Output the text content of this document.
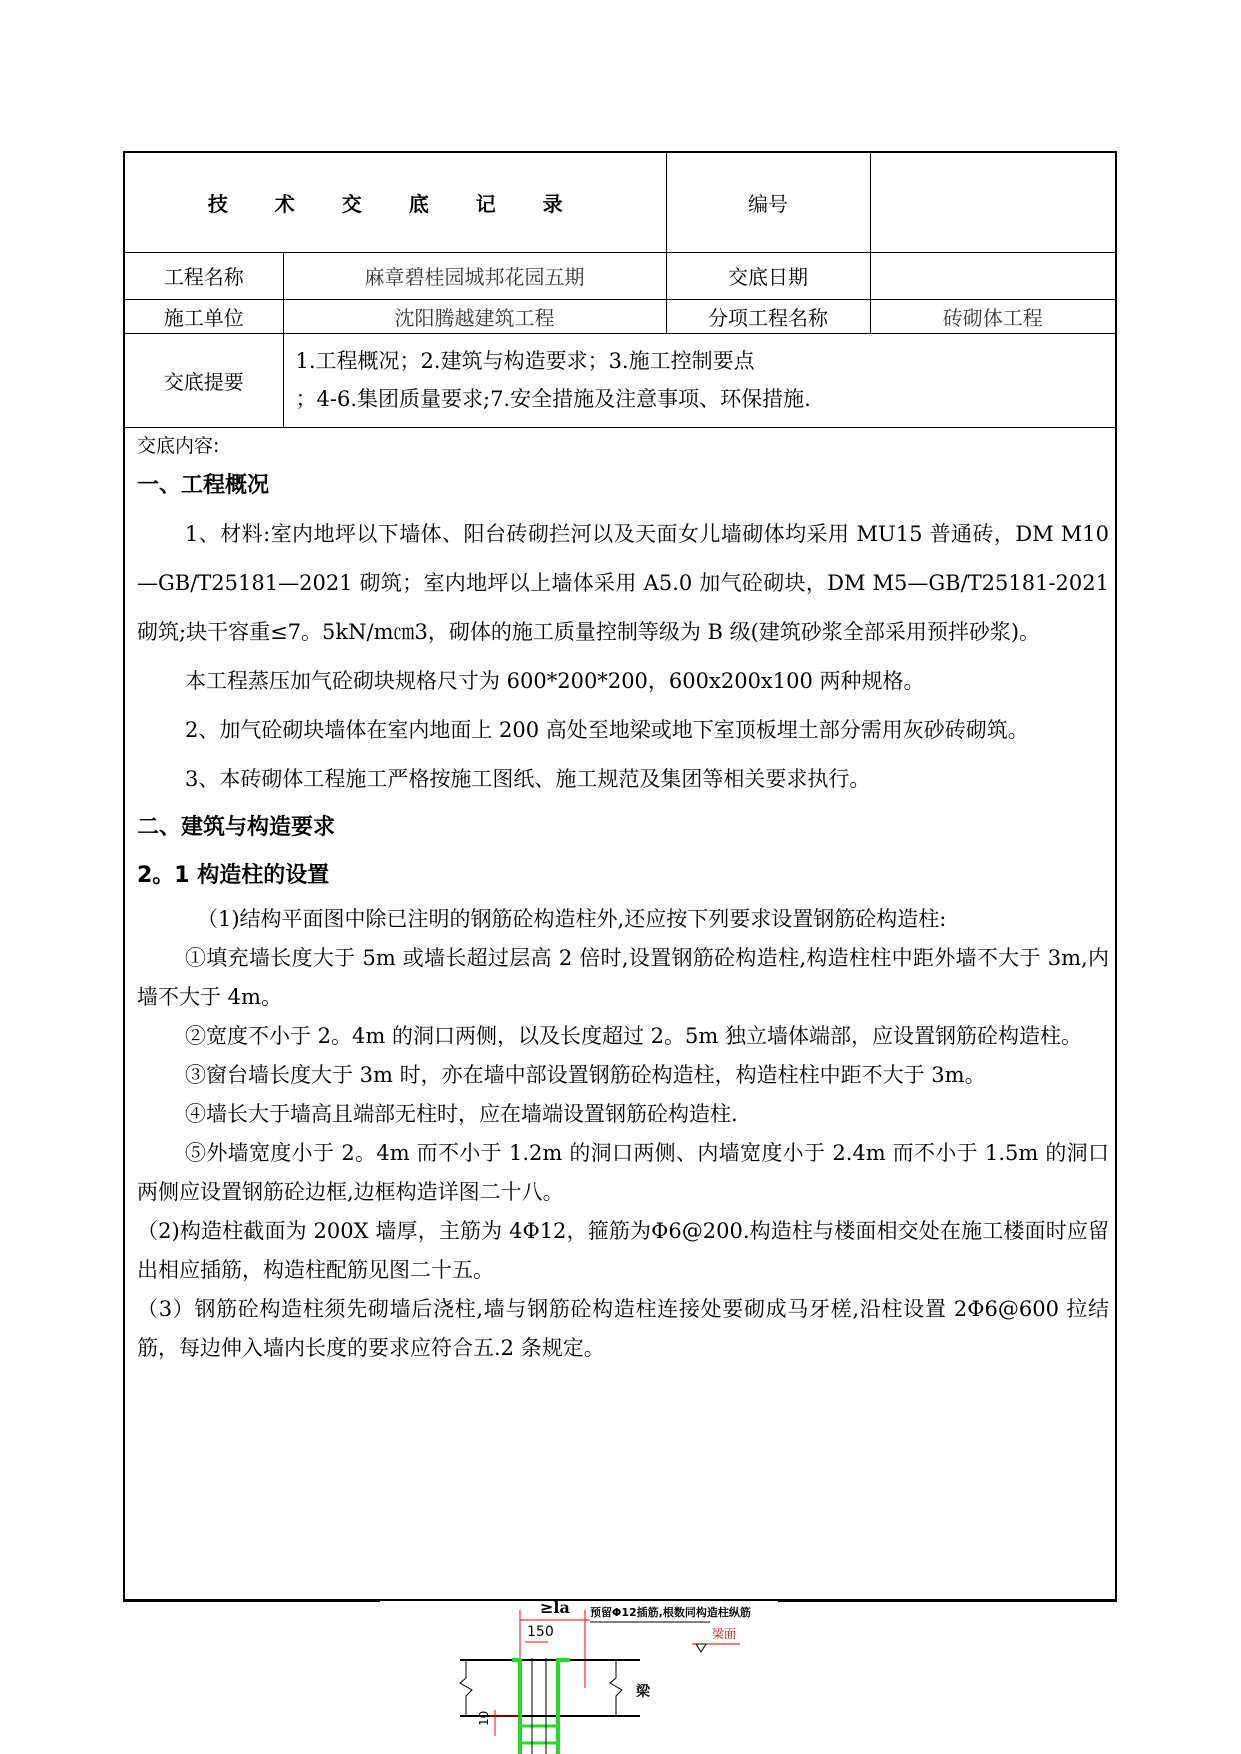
技 术 交 底 记 录		编号	
工程名称	麻章碧桂园城邦花园五期	交底日期	
施工单位	沈阳腾越建筑工程	分项工程名称	砖砌体工程
交底提要	1.工程概况；2.建筑与构造要求；3.施工控制要点
；4-6.集团质量要求;7.安全措施及注意事项、环保措施.		
交底内容:
一、工程概况
1、材料:室内地坪以下墙体、阳台砖砌拦河以及天面女儿墙砌体均采用 MU15 普通砖，DM M10—GB/T25181—2021 砌筑；室内地坪以上墙体采用 A5.0 加气砼砌块，DM M5—GB/T25181-2021 砌筑;块干容重≤7。5kN/m㎝3，砌体的施工质量控制等级为 B 级(建筑砂浆全部采用预拌砂浆)。
本工程蒸压加气砼砌块规格尺寸为 600*200*200，600x200x100 两种规格。
2、加气砼砌块墙体在室内地面上 200 高处至地梁或地下室顶板埋土部分需用灰砂砖砌筑。
3、本砖砌体工程施工严格按施工图纸、施工规范及集团等相关要求执行。
二、建筑与构造要求
2。1 构造柱的设置
（1)结构平面图中除已注明的钢筋砼构造柱外,还应按下列要求设置钢筋砼构造柱:
①填充墙长度大于 5m 或墙长超过层高 2 倍时,设置钢筋砼构造柱,构造柱柱中距外墙不大于 3m,内墙不大于 4m。
②宽度不小于 2。4m 的洞口两侧，以及长度超过 2。5m 独立墙体端部，应设置钢筋砼构造柱。
③窗台墙长度大于 3m 时，亦在墙中部设置钢筋砼构造柱，构造柱柱中距不大于 3m。
④墙长大于墙高且端部无柱时，应在墙端设置钢筋砼构造柱.
⑤外墙宽度小于 2。4m 而不小于 1.2m 的洞口两侧、内墙宽度小于 2.4m 而不小于 1.5m 的洞口两侧应设置钢筋砼边框,边框构造详图二十八。
（2)构造柱截面为 200X 墙厚，主筋为 4Φ12，箍筋为Φ6@200.构造柱与楼面相交处在施工楼面时应留出相应插筋，构造柱配筋见图二十五。
（3）钢筋砼构造柱须先砌墙后浇柱,墙与钢筋砼构造柱连接处要砌成马牙槎,沿柱设置 2Φ6@600 拉结筋，每边伸入墙内长度的要求应符合五.2 条规定。
≥la
150
预留Φ12插筋,根数同构造柱纵筋
梁面
梁
10
